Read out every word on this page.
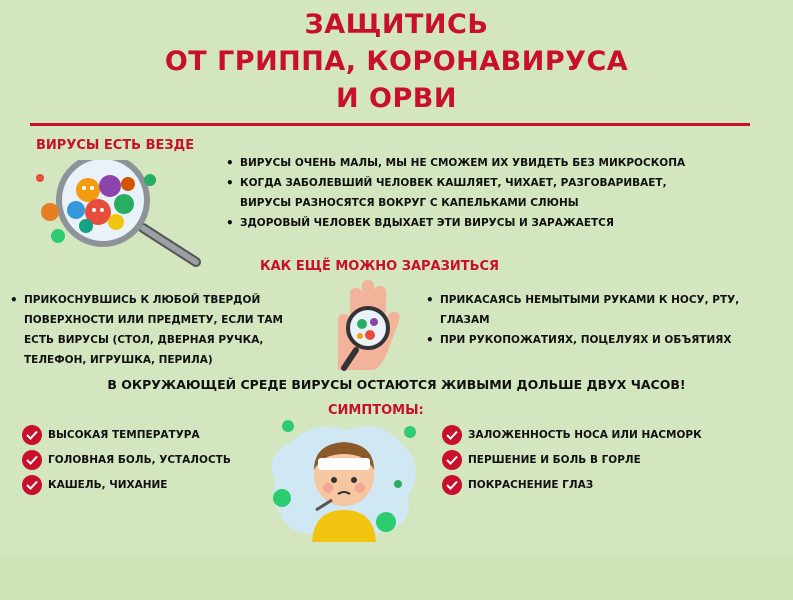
ЗАЩИТИСЬ
ОТ ГРИППА, КОРОНАВИРУСА
И ОРВИ
ВИРУСЫ ЕСТЬ ВЕЗДЕ
• ВИРУСЫ ОЧЕНЬ МАЛЫ, МЫ НЕ СМОЖЕМ ИХ УВИДЕТЬ БЕЗ МИКРОСКОПА
• КОГДА ЗАБОЛЕВШИЙ ЧЕЛОВЕК КАШЛЯЕТ, ЧИХАЕТ, РАЗГОВАРИВАЕТ, ВИРУСЫ РАЗНОСЯТСЯ ВОКРУГ С КАПЕЛЬКАМИ СЛЮНЫ
• ЗДОРОВЫЙ ЧЕЛОВЕК ВДЫХАЕТ ЭТИ ВИРУСЫ И ЗАРАЖАЕТСЯ
КАК ЕЩЁ МОЖНО ЗАРАЗИТЬСЯ
• ПРИКОСНУВШИСЬ К ЛЮБОЙ ТВЕРДОЙ ПОВЕРХНОСТИ ИЛИ ПРЕДМЕТУ, ЕСЛИ ТАМ ЕСТЬ ВИРУСЫ (СТОЛ, ДВЕРНАЯ РУЧКА, ТЕЛЕФОН, ИГРУШКА, ПЕРИЛА)
• ПРИКАСАЯСЬ НЕМЫТЫМИ РУКАМИ К НОСУ, РТУ, ГЛАЗАМ
• ПРИ РУКОПОЖАТИЯХ, ПОЦЕЛУЯХ И ОБЪЯТИЯХ
В ОКРУЖАЮЩЕЙ СРЕДЕ ВИРУСЫ ОСТАЮТСЯ ЖИВЫМИ ДОЛЬШЕ ДВУХ ЧАСОВ!
СИМПТОМЫ:
ВЫСОКАЯ ТЕМПЕРАТУРА
ГОЛОВНАЯ БОЛЬ, УСТАЛОСТЬ
КАШЕЛЬ, ЧИХАНИЕ
ЗАЛОЖЕННОСТЬ НОСА ИЛИ НАСМОРК
ПЕРШЕНИЕ И БОЛЬ В ГОРЛЕ
ПОКРАСНЕНИЕ ГЛАЗ
